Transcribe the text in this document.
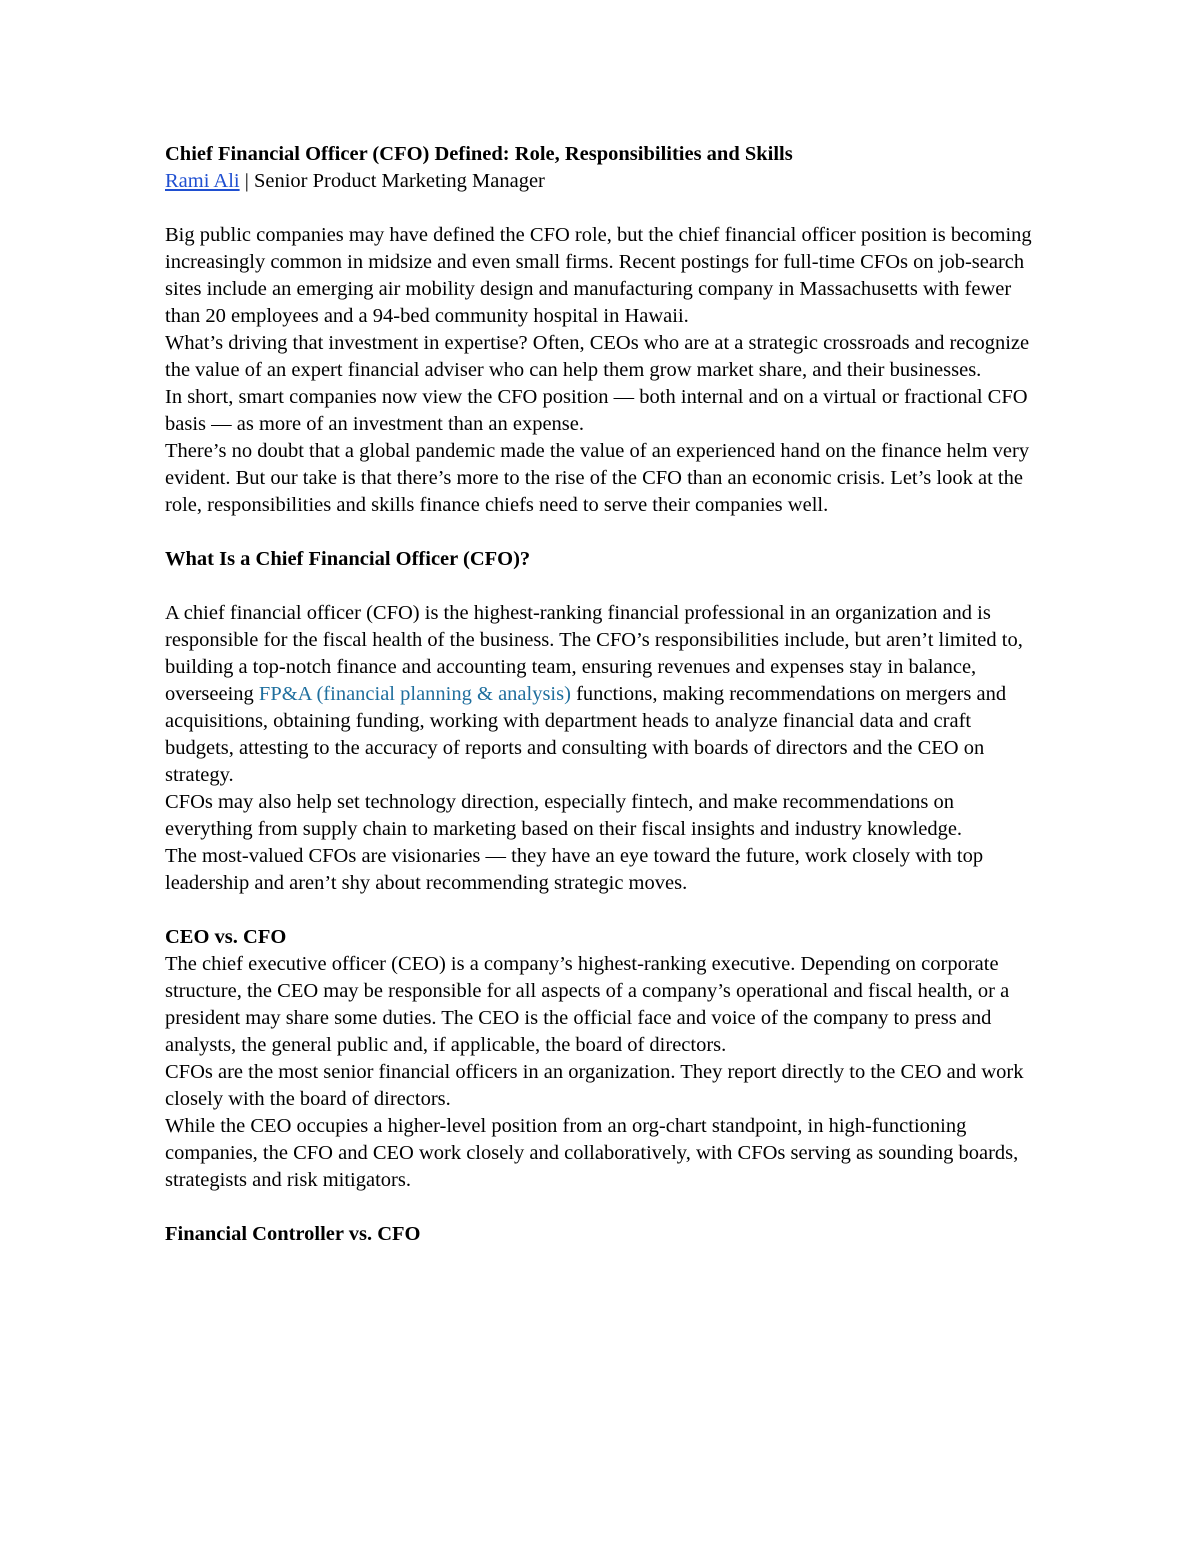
Chief Financial Officer (CFO) Defined: Role, Responsibilities and Skills

Rami Ali | Senior Product Marketing Manager

Big public companies may have defined the CFO role, but the chief financial officer position is becoming increasingly common in midsize and even small firms. Recent postings for full-time CFOs on job-search sites include an emerging air mobility design and manufacturing company in Massachusetts with fewer than 20 employees and a 94-bed community hospital in Hawaii.

What’s driving that investment in expertise? Often, CEOs who are at a strategic crossroads and recognize the value of an expert financial adviser who can help them grow market share, and their businesses.

In short, smart companies now view the CFO position — both internal and on a virtual or fractional CFO basis — as more of an investment than an expense.

There’s no doubt that a global pandemic made the value of an experienced hand on the finance helm very evident. But our take is that there’s more to the rise of the CFO than an economic crisis. Let’s look at the role, responsibilities and skills finance chiefs need to serve their companies well.

What Is a Chief Financial Officer (CFO)?

A chief financial officer (CFO) is the highest-ranking financial professional in an organization and is responsible for the fiscal health of the business. The CFO’s responsibilities include, but aren’t limited to, building a top-notch finance and accounting team, ensuring revenues and expenses stay in balance, overseeing FP&A (financial planning & analysis) functions, making recommendations on mergers and acquisitions, obtaining funding, working with department heads to analyze financial data and craft budgets, attesting to the accuracy of reports and consulting with boards of directors and the CEO on strategy.

CFOs may also help set technology direction, especially fintech, and make recommendations on everything from supply chain to marketing based on their fiscal insights and industry knowledge.

The most-valued CFOs are visionaries — they have an eye toward the future, work closely with top leadership and aren’t shy about recommending strategic moves.

CEO vs. CFO

The chief executive officer (CEO) is a company’s highest-ranking executive. Depending on corporate structure, the CEO may be responsible for all aspects of a company’s operational and fiscal health, or a president may share some duties. The CEO is the official face and voice of the company to press and analysts, the general public and, if applicable, the board of directors.

CFOs are the most senior financial officers in an organization. They report directly to the CEO and work closely with the board of directors.

While the CEO occupies a higher-level position from an org-chart standpoint, in high-functioning companies, the CFO and CEO work closely and collaboratively, with CFOs serving as sounding boards, strategists and risk mitigators.

Financial Controller vs. CFO
